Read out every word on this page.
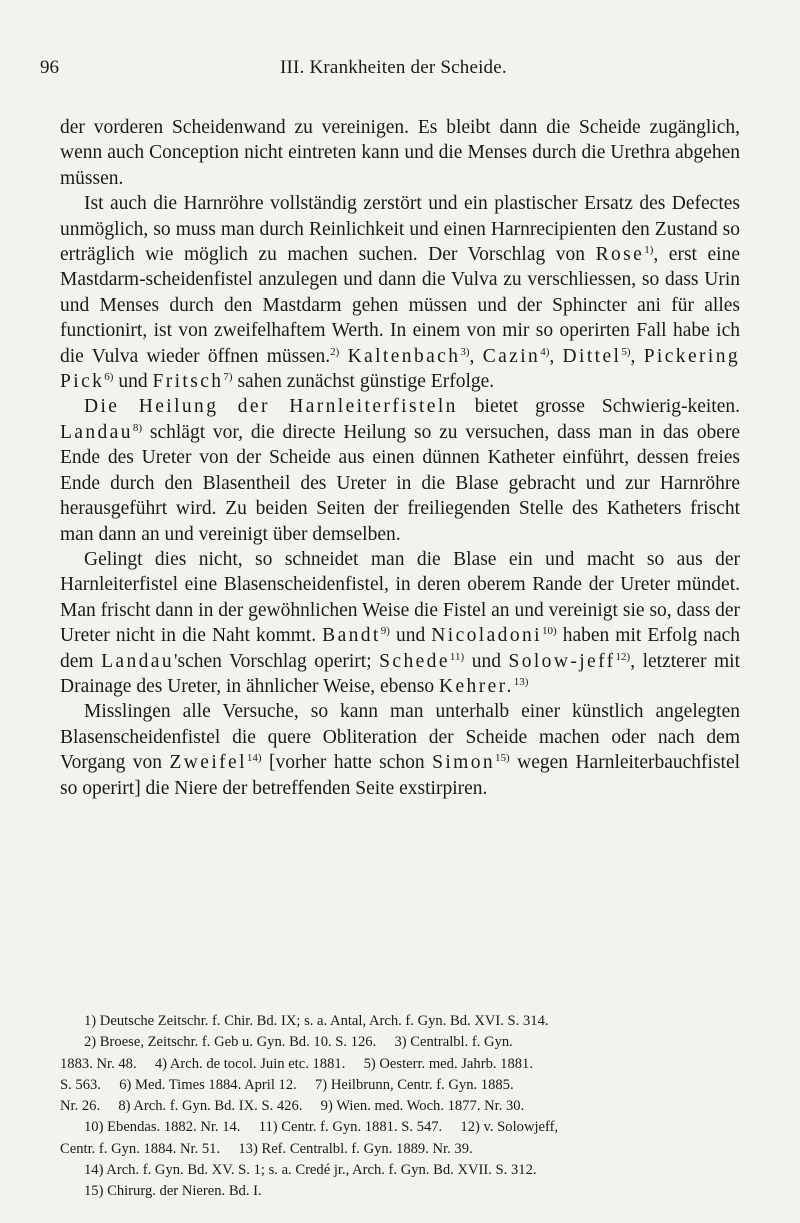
96	III. Krankheiten der Scheide.

der vorderen Scheidenwand zu vereinigen. Es bleibt dann die Scheide zugänglich, wenn auch Conception nicht eintreten kann und die Menses durch die Urethra abgehen müssen.

Ist auch die Harnröhre vollständig zerstört und ein plastischer Ersatz des Defectes unmöglich, so muss man durch Reinlichkeit und einen Harnrecipienten den Zustand so erträglich wie möglich zu machen suchen. Der Vorschlag von Rose$^{1)}$, erst eine Mastdarm-scheidenfistel anzulegen und dann die Vulva zu verschliessen, so dass Urin und Menses durch den Mastdarm gehen müssen und der Sphincter ani für alles functionirt, ist von zweifelhaftem Werth. In einem von mir so operirten Fall habe ich die Vulva wieder öffnen müssen.$^{2)}$ Kaltenbach$^{3)}$, Cazin$^{4)}$, Dittel$^{5)}$, Pickering Pick$^{6)}$ und Fritsch$^{7)}$ sahen zunächst günstige Erfolge.

Die Heilung der Harnleiterfisteln bietet grosse Schwierig-keiten. Landau$^{8)}$ schlägt vor, die directe Heilung so zu versuchen, dass man in das obere Ende des Ureter von der Scheide aus einen dünnen Katheter einführt, dessen freies Ende durch den Blasentheil des Ureter in die Blase gebracht und zur Harnröhre herausgeführt wird. Zu beiden Seiten der freiliegenden Stelle des Katheters frischt man dann an und vereinigt über demselben.

Gelingt dies nicht, so schneidet man die Blase ein und macht so aus der Harnleiterfistel eine Blasenscheidenfistel, in deren oberem Rande der Ureter mündet. Man frischt dann in der gewöhnlichen Weise die Fistel an und vereinigt sie so, dass der Ureter nicht in die Naht kommt. Bandt$^{9)}$ und Nicoladoni$^{10)}$ haben mit Erfolg nach dem Landau'schen Vorschlag operirt; Schede$^{11)}$ und Solow-jeff$^{12)}$, letzterer mit Drainage des Ureter, in ähnlicher Weise, ebenso Kehrer.$^{13)}$

Misslingen alle Versuche, so kann man unterhalb einer künstlich angelegten Blasenscheidenfistel die quere Obliteration der Scheide machen oder nach dem Vorgang von Zweifel$^{14)}$ [vorher hatte schon Simon$^{15)}$ wegen Harnleiterbauchfistel so operirt] die Niere der betreffenden Seite exstirpiren.

1) Deutsche Zeitschr. f. Chir. Bd. IX; s. a. Antal, Arch. f. Gyn. Bd. XVI. S. 314.
2) Broese, Zeitschr. f. Geb u. Gyn. Bd. 10. S. 126.     3) Centralbl. f. Gyn.
1883. Nr. 48.     4) Arch. de tocol. Juin etc. 1881.     5) Oesterr. med. Jahrb. 1881.
S. 563.     6) Med. Times 1884. April 12.     7) Heilbrunn, Centr. f. Gyn. 1885.
Nr. 26.     8) Arch. f. Gyn. Bd. IX. S. 426.     9) Wien. med. Woch. 1877. Nr. 30.
10) Ebendas. 1882. Nr. 14.     11) Centr. f. Gyn. 1881. S. 547.     12) v. Solowjeff,
Centr. f. Gyn. 1884. Nr. 51.     13) Ref. Centralbl. f. Gyn. 1889. Nr. 39.
14) Arch. f. Gyn. Bd. XV. S. 1; s. a. Credé jr., Arch. f. Gyn. Bd. XVII. S. 312.
15) Chirurg. der Nieren. Bd. I.
